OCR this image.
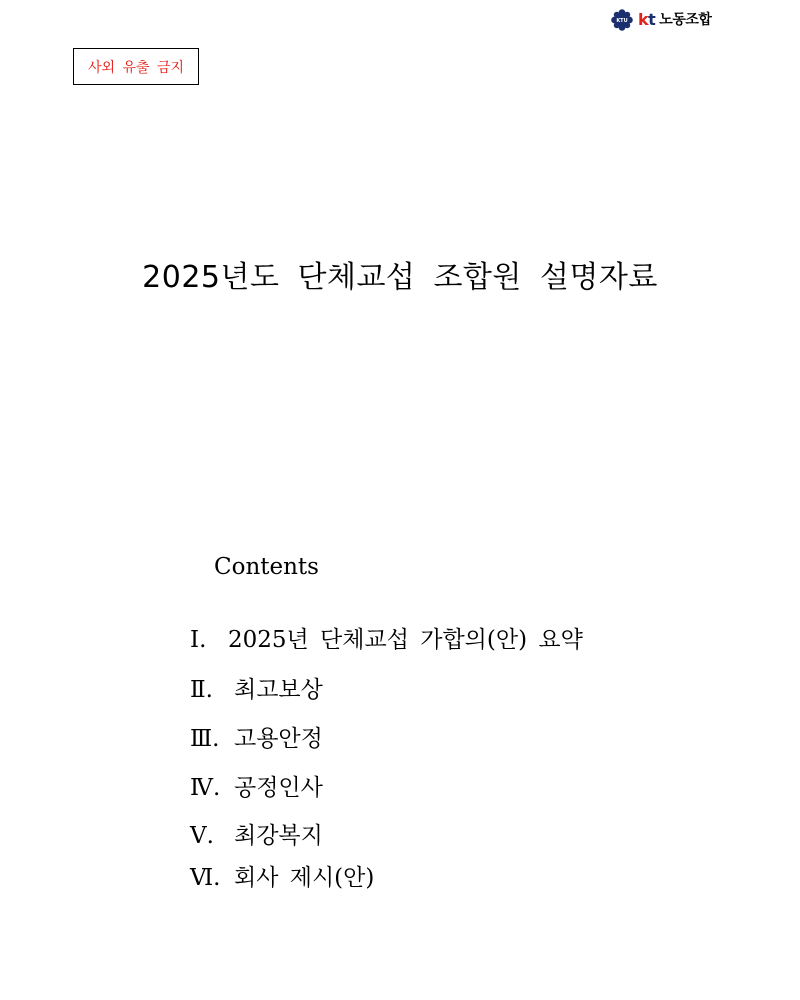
KTU kt 노동조합
사외 유출 금지
2025년도 단체교섭 조합원 설명자료
Contents
Ⅰ. 2025년 단체교섭 가합의(안) 요약
Ⅱ. 최고보상
Ⅲ. 고용안정
Ⅳ. 공정인사
Ⅴ. 최강복지
Ⅵ. 회사 제시(안)
